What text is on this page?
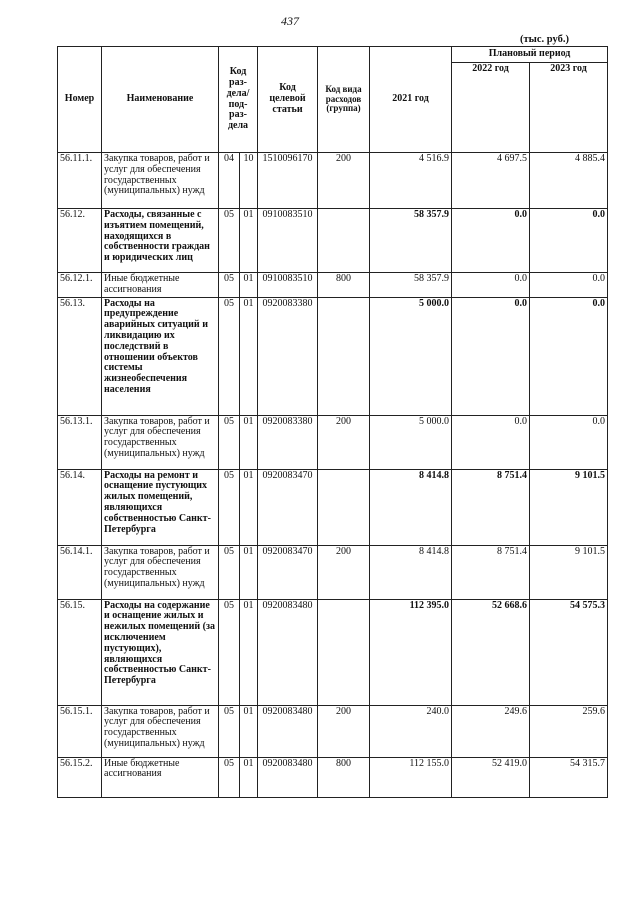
437
(тыс. руб.)
Номер	Наименование	Код раз-дела/ под-раз-дела		Код целевой статьи	Код вида расходов (группа)	2021 год	Плановый период	
							2022 год	2023 год
56.11.1.	Закупка товаров, работ и услуг для обеспечения государственных (муниципальных) нужд	04	10	1510096170	200	4 516.9	4 697.5	4 885.4
56.12.	Расходы, связанные с изъятием помещений, находящихся в собственности граждан и юридических лиц	05	01	0910083510		58 357.9	0.0	0.0
56.12.1.	Иные бюджетные ассигнования	05	01	0910083510	800	58 357.9	0.0	0.0
56.13.	Расходы на предупреждение аварийных ситуаций и ликвидацию их последствий в отношении объектов системы жизнеобеспечения населения	05	01	0920083380		5 000.0	0.0	0.0
56.13.1.	Закупка товаров, работ и услуг для обеспечения государственных (муниципальных) нужд	05	01	0920083380	200	5 000.0	0.0	0.0
56.14.	Расходы на ремонт и оснащение пустующих жилых помещений, являющихся собственностью Санкт-Петербурга	05	01	0920083470		8 414.8	8 751.4	9 101.5
56.14.1.	Закупка товаров, работ и услуг для обеспечения государственных (муниципальных) нужд	05	01	0920083470	200	8 414.8	8 751.4	9 101.5
56.15.	Расходы на содержание и оснащение жилых и нежилых помещений (за исключением пустующих), являющихся собственностью Санкт-Петербурга	05	01	0920083480		112 395.0	52 668.6	54 575.3
56.15.1.	Закупка товаров, работ и услуг для обеспечения государственных (муниципальных) нужд	05	01	0920083480	200	240.0	249.6	259.6
56.15.2.	Иные бюджетные ассигнования	05	01	0920083480	800	112 155.0	52 419.0	54 315.7
